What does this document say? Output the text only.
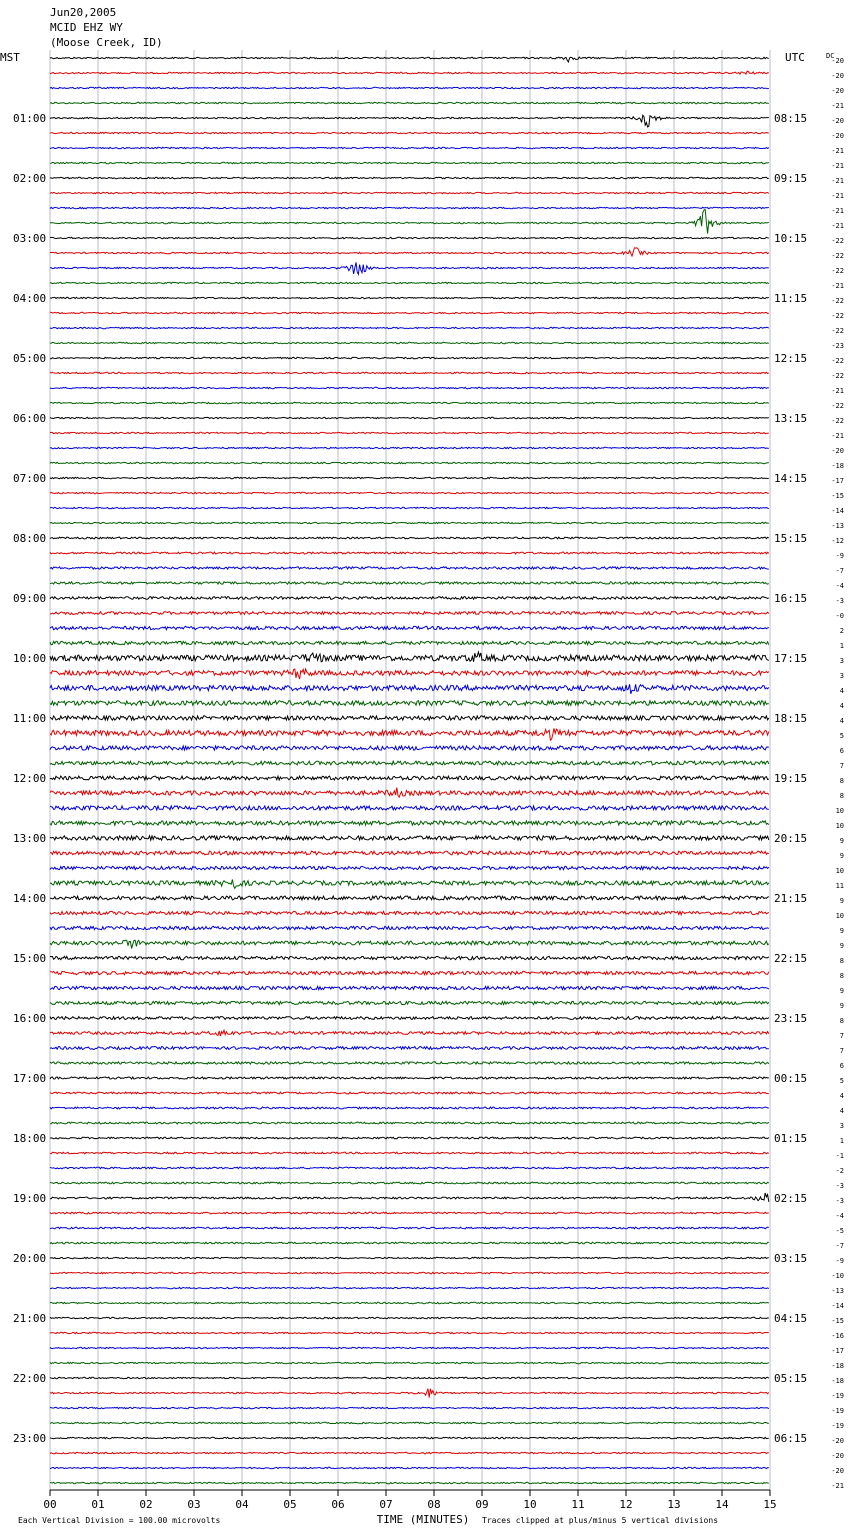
Jun20,2005
MCID EHZ WY
(Moose Creek, ID)
MST	UTC	DC
01:00
02:00
03:00
04:00
05:00
06:00
07:00
08:00
09:00
10:00
11:00
12:00
13:00
14:00
15:00
16:00
17:00
18:00
19:00
20:00
21:00
22:00
23:00
08:15
09:15
10:15
11:15
12:15
13:15
14:15
15:15
16:15
17:15
18:15
19:15
20:15
21:15
22:15
23:15
00:15
01:15
02:15
03:15
04:15
05:15
06:15
-20
-20
-20
-21
-20
-20
-21
-21
-21
-21
-21
-21
-22
-22
-22
-21
-22
-22
-22
-23
-22
-22
-21
-22
-22
-21
-20
-18
-17
-15
-14
-13
-12
-9
-7
-4
-3
-0
2
1
3
3
4
4
4
5
6
7
8
8
10
10
9
9
10
11
9
10
9
9
8
8
9
9
8
7
7
6
5
4
4
3
1
-1
-2
-3
-3
-4
-5
-7
-9
-10
-13
-14
-15
-16
-17
-18
-18
-19
-19
-19
-20
-20
-20
-21
00	01	02	03	04	05	06	07	08	09	10	11	12	13	14	15
TIME (MINUTES)
Each Vertical Division = 100.00 microvolts	Traces clipped at plus/minus 5 vertical divisions
